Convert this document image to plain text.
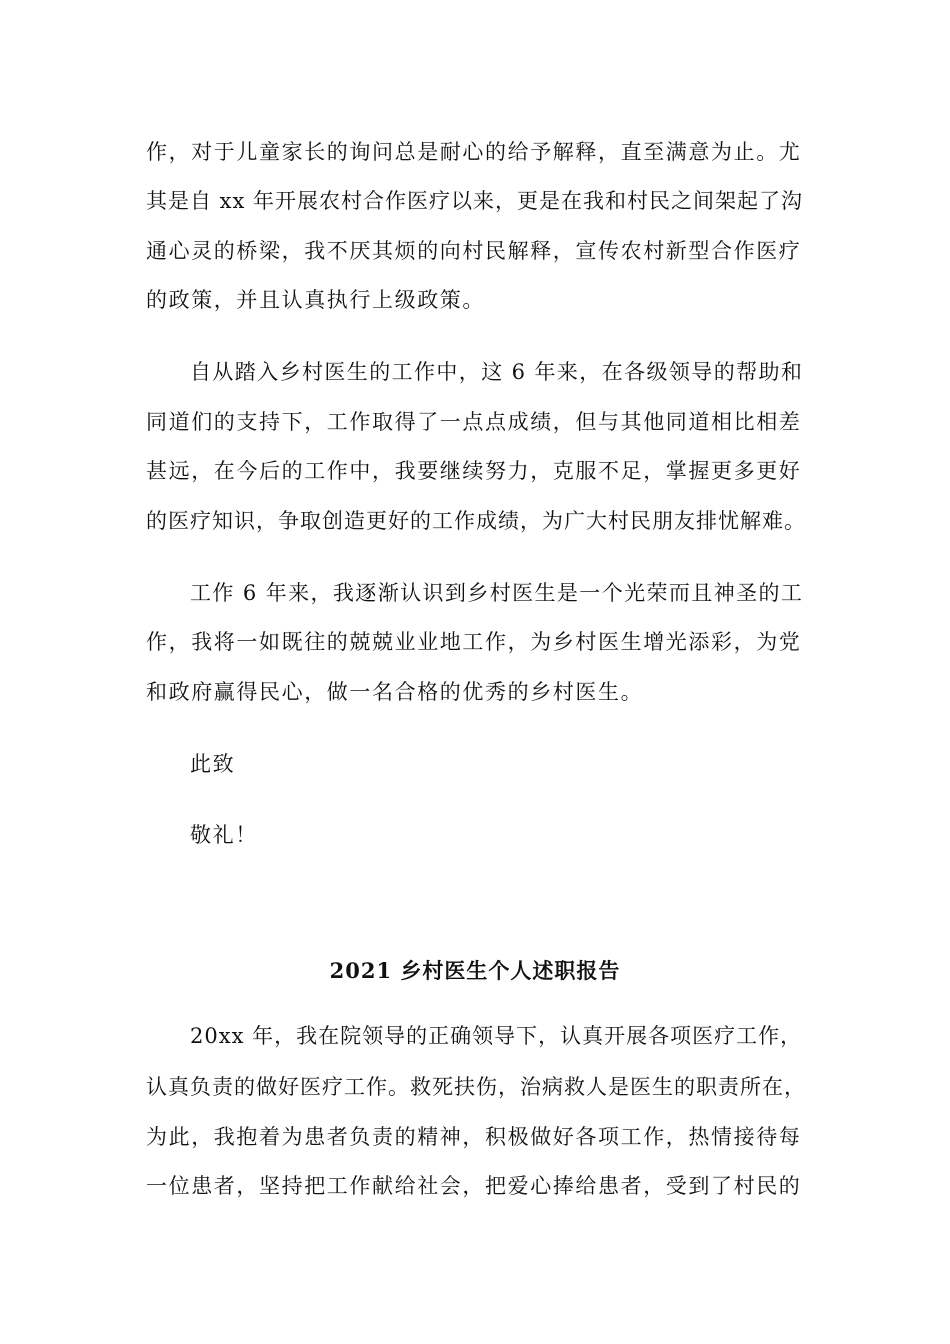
作，对于儿童家长的询问总是耐心的给予解释，直至满意为止。尤
其是自 xx 年开展农村合作医疗以来，更是在我和村民之间架起了沟
通心灵的桥梁，我不厌其烦的向村民解释，宣传农村新型合作医疗
的政策，并且认真执行上级政策。
自从踏入乡村医生的工作中，这 6 年来，在各级领导的帮助和
同道们的支持下，工作取得了一点点成绩，但与其他同道相比相差
甚远，在今后的工作中，我要继续努力，克服不足，掌握更多更好
的医疗知识，争取创造更好的工作成绩，为广大村民朋友排忧解难。
工作 6 年来，我逐渐认识到乡村医生是一个光荣而且神圣的工
作，我将一如既往的兢兢业业地工作，为乡村医生增光添彩，为党
和政府赢得民心，做一名合格的优秀的乡村医生。
此致
敬礼！
2021 乡村医生个人述职报告
20xx 年，我在院领导的正确领导下，认真开展各项医疗工作，
认真负责的做好医疗工作。救死扶伤，治病救人是医生的职责所在，
为此，我抱着为患者负责的精神，积极做好各项工作，热情接待每
一位患者，坚持把工作献给社会，把爱心捧给患者，受到了村民的
